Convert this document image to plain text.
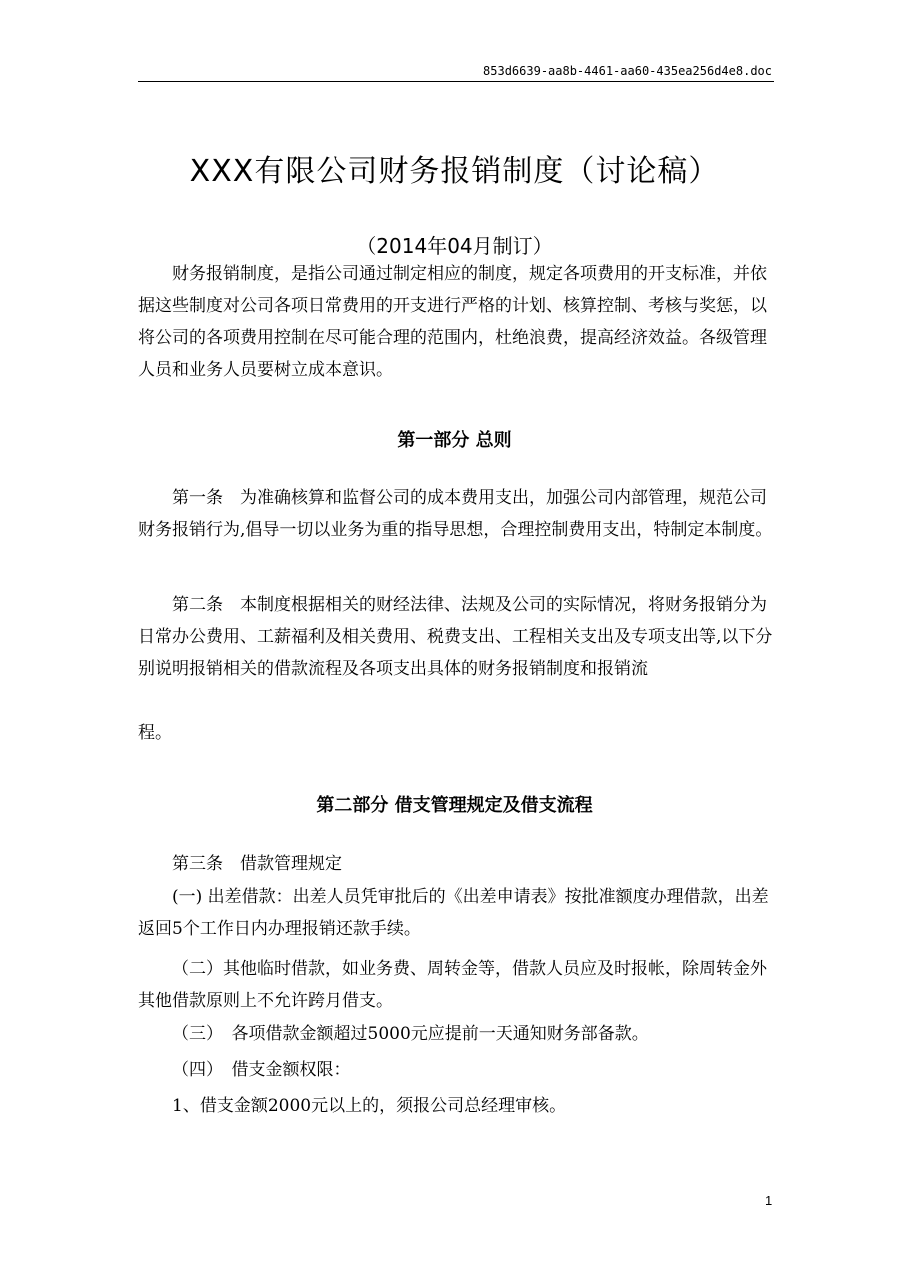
853d6639-aa8b-4461-aa60-435ea256d4e8.doc
XXX有限公司财务报销制度（讨论稿）
（2014年04月制订）

财务报销制度，是指公司通过制定相应的制度，规定各项费用的开支标准，并依据这些制度对公司各项日常费用的开支进行严格的计划、核算控制、考核与奖惩，以将公司的各项费用控制在尽可能合理的范围内，杜绝浪费，提高经济效益。各级管理人员和业务人员要树立成本意识。

第一部分 总则

第一条　为准确核算和监督公司的成本费用支出，加强公司内部管理，规范公司财务报销行为,倡导一切以业务为重的指导思想，合理控制费用支出，特制定本制度。

第二条　本制度根据相关的财经法律、法规及公司的实际情况，将财务报销分为日常办公费用、工薪福利及相关费用、税费支出、工程相关支出及专项支出等,以下分别说明报销相关的借款流程及各项支出具体的财务报销制度和报销流

程。

第二部分 借支管理规定及借支流程

第三条　借款管理规定

(一) 出差借款：出差人员凭审批后的《出差申请表》按批准额度办理借款，出差返回5个工作日内办理报销还款手续。

（二）其他临时借款，如业务费、周转金等，借款人员应及时报帐，除周转金外其他借款原则上不允许跨月借支。

（三）　各项借款金额超过5000元应提前一天通知财务部备款。

（四）　借支金额权限：

1、借支金额2000元以上的，须报公司总经理审核。

1
